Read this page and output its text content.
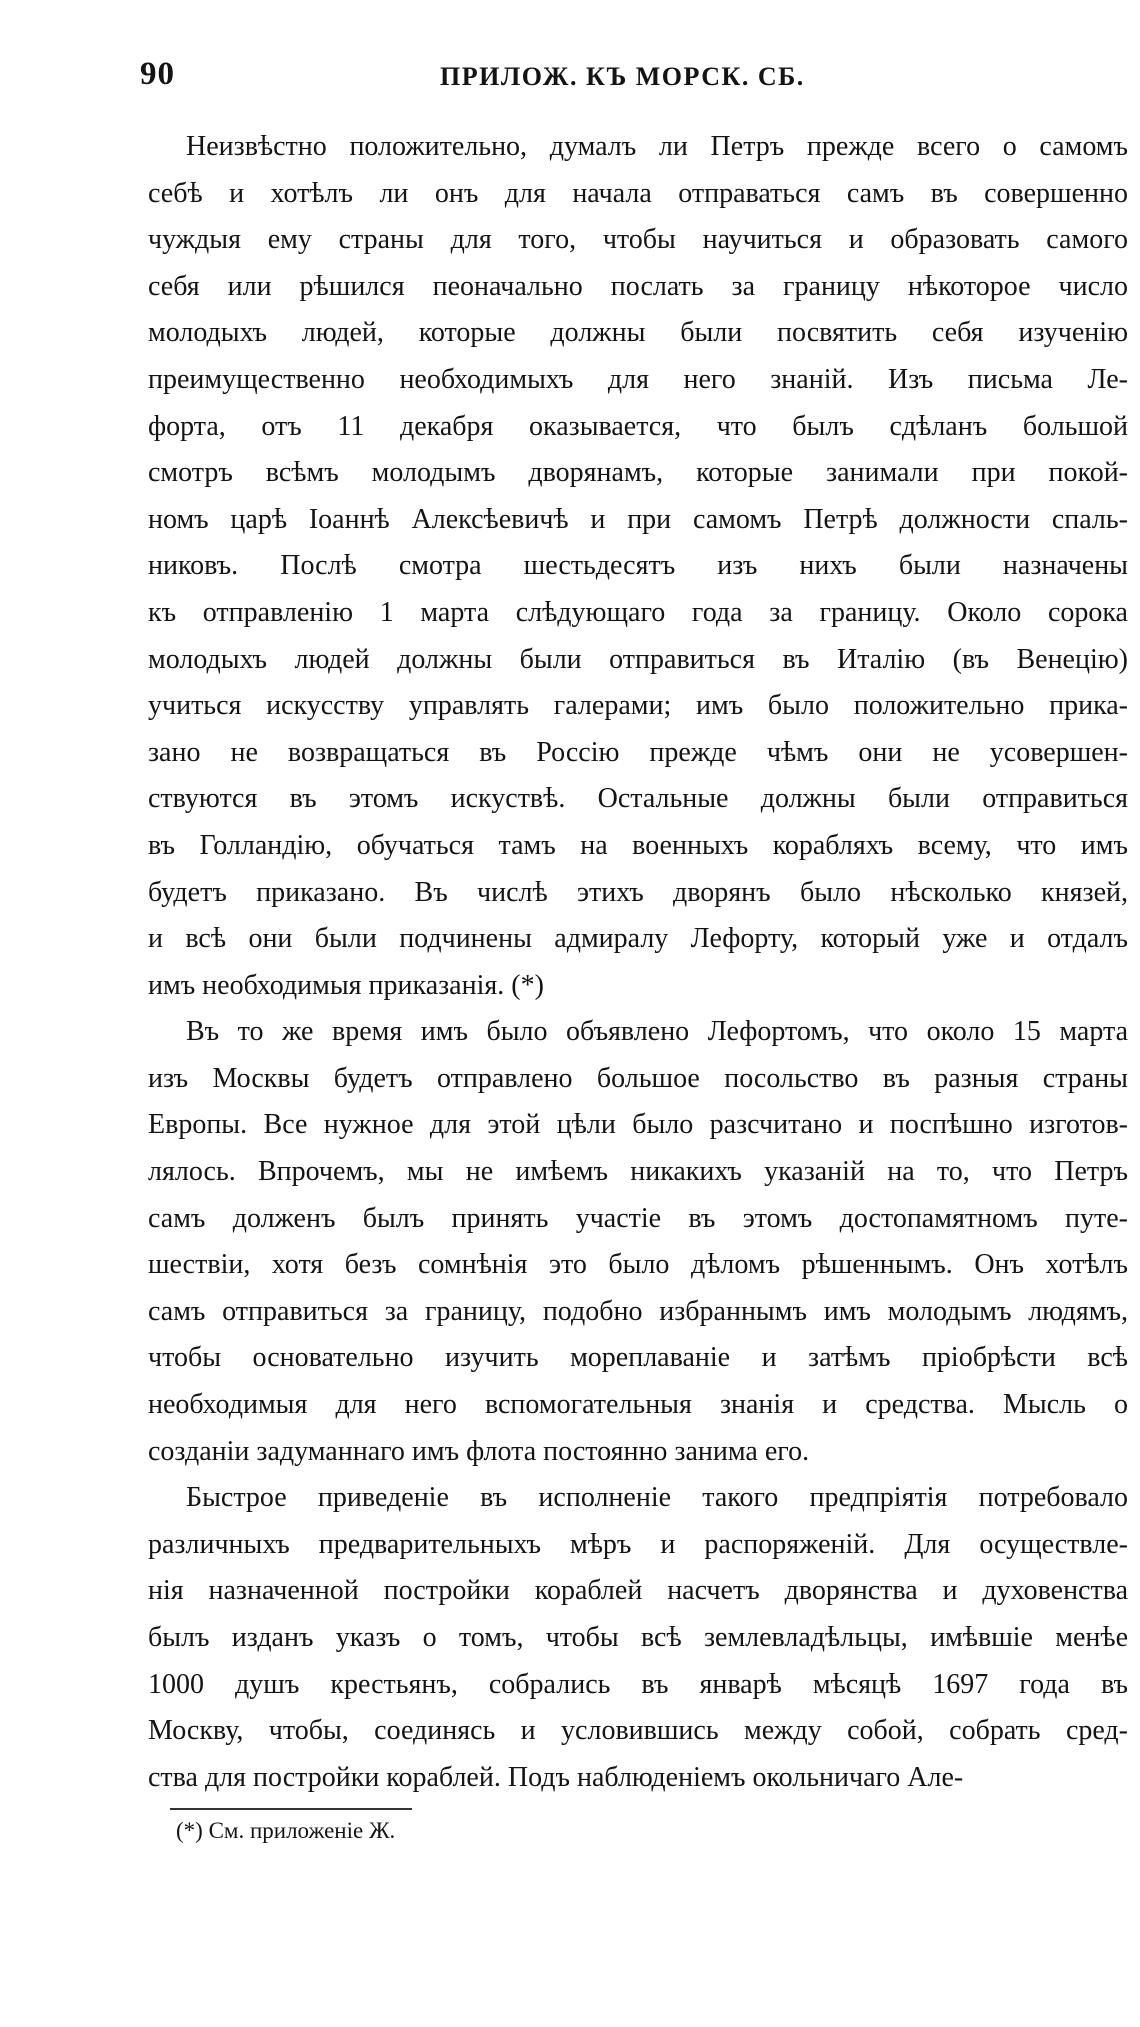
90	ПРИЛОЖ. КЪ МОРСК. СБ.
Неизвѣстно положительно, думалъ ли Петръ прежде всего о самомъ
себѣ и хотѣлъ ли онъ для начала отправаться самъ въ совершенно
чуждыя ему страны для того, чтобы научиться и образовать самого
себя или рѣшился пеоначально послать за границу нѣкоторое число
молодыхъ людей, которые должны были посвятить себя изученію
преимущественно необходимыхъ для него знаній. Изъ письма Ле-
форта, отъ 11 декабря оказывается, что былъ сдѣланъ большой
смотръ всѣмъ молодымъ дворянамъ, которые занимали при покой-
номъ царѣ Іоаннѣ Алексѣевичѣ и при самомъ Петрѣ должности спаль-
никовъ. Послѣ смотра шестьдесятъ изъ нихъ были назначены
къ отправленію 1 марта слѣдующаго года за границу. Около сорока
молодыхъ людей должны были отправиться въ Италію (въ Венецію)
учиться искусству управлять галерами; имъ было положительно прика-
зано не возвращаться въ Россію прежде чѣмъ они не усовершен-
ствуются въ этомъ искуствѣ. Остальные должны были отправиться
въ Голландію, обучаться тамъ на военныхъ корабляхъ всему, что имъ
будетъ приказано. Въ числѣ этихъ дворянъ было нѣсколько князей,
и всѣ они были подчинены адмиралу Лефорту, который уже и отдалъ
имъ необходимыя приказанія. (*)
Въ то же время имъ было объявлено Лефортомъ, что около 15 марта
изъ Москвы будетъ отправлено большое посольство въ разныя страны
Европы. Все нужное для этой цѣли было разсчитано и поспѣшно изготов-
лялось. Впрочемъ, мы не имѣемъ никакихъ указаній на то, что Петръ
самъ долженъ былъ принять участіе въ этомъ достопамятномъ путе-
шествіи, хотя безъ сомнѣнія это было дѣломъ рѣшеннымъ. Онъ хотѣлъ
самъ отправиться за границу, подобно избраннымъ имъ молодымъ людямъ,
чтобы основательно изучить мореплаваніе и затѣмъ пріобрѣсти всѣ
необходимыя для него вспомогательныя знанія и средства. Мысль о
созданіи задуманнаго имъ флота постоянно занима его.
Быстрое приведеніе въ исполненіе такого предпріятія потребовало
различныхъ предварительныхъ мѣръ и распоряженій. Для осуществле-
нія назначенной постройки кораблей насчетъ дворянства и духовенства
былъ изданъ указъ о томъ, чтобы всѣ землевладѣльцы, имѣвшіе менѣе
1000 душъ крестьянъ, собрались въ январѣ мѣсяцѣ 1697 года въ
Москву, чтобы, соединясь и условившись между собой, собрать сред-
ства для постройки кораблей. Подъ наблюденіемъ окольничаго Але-
(*) См. приложеніе Ж.
